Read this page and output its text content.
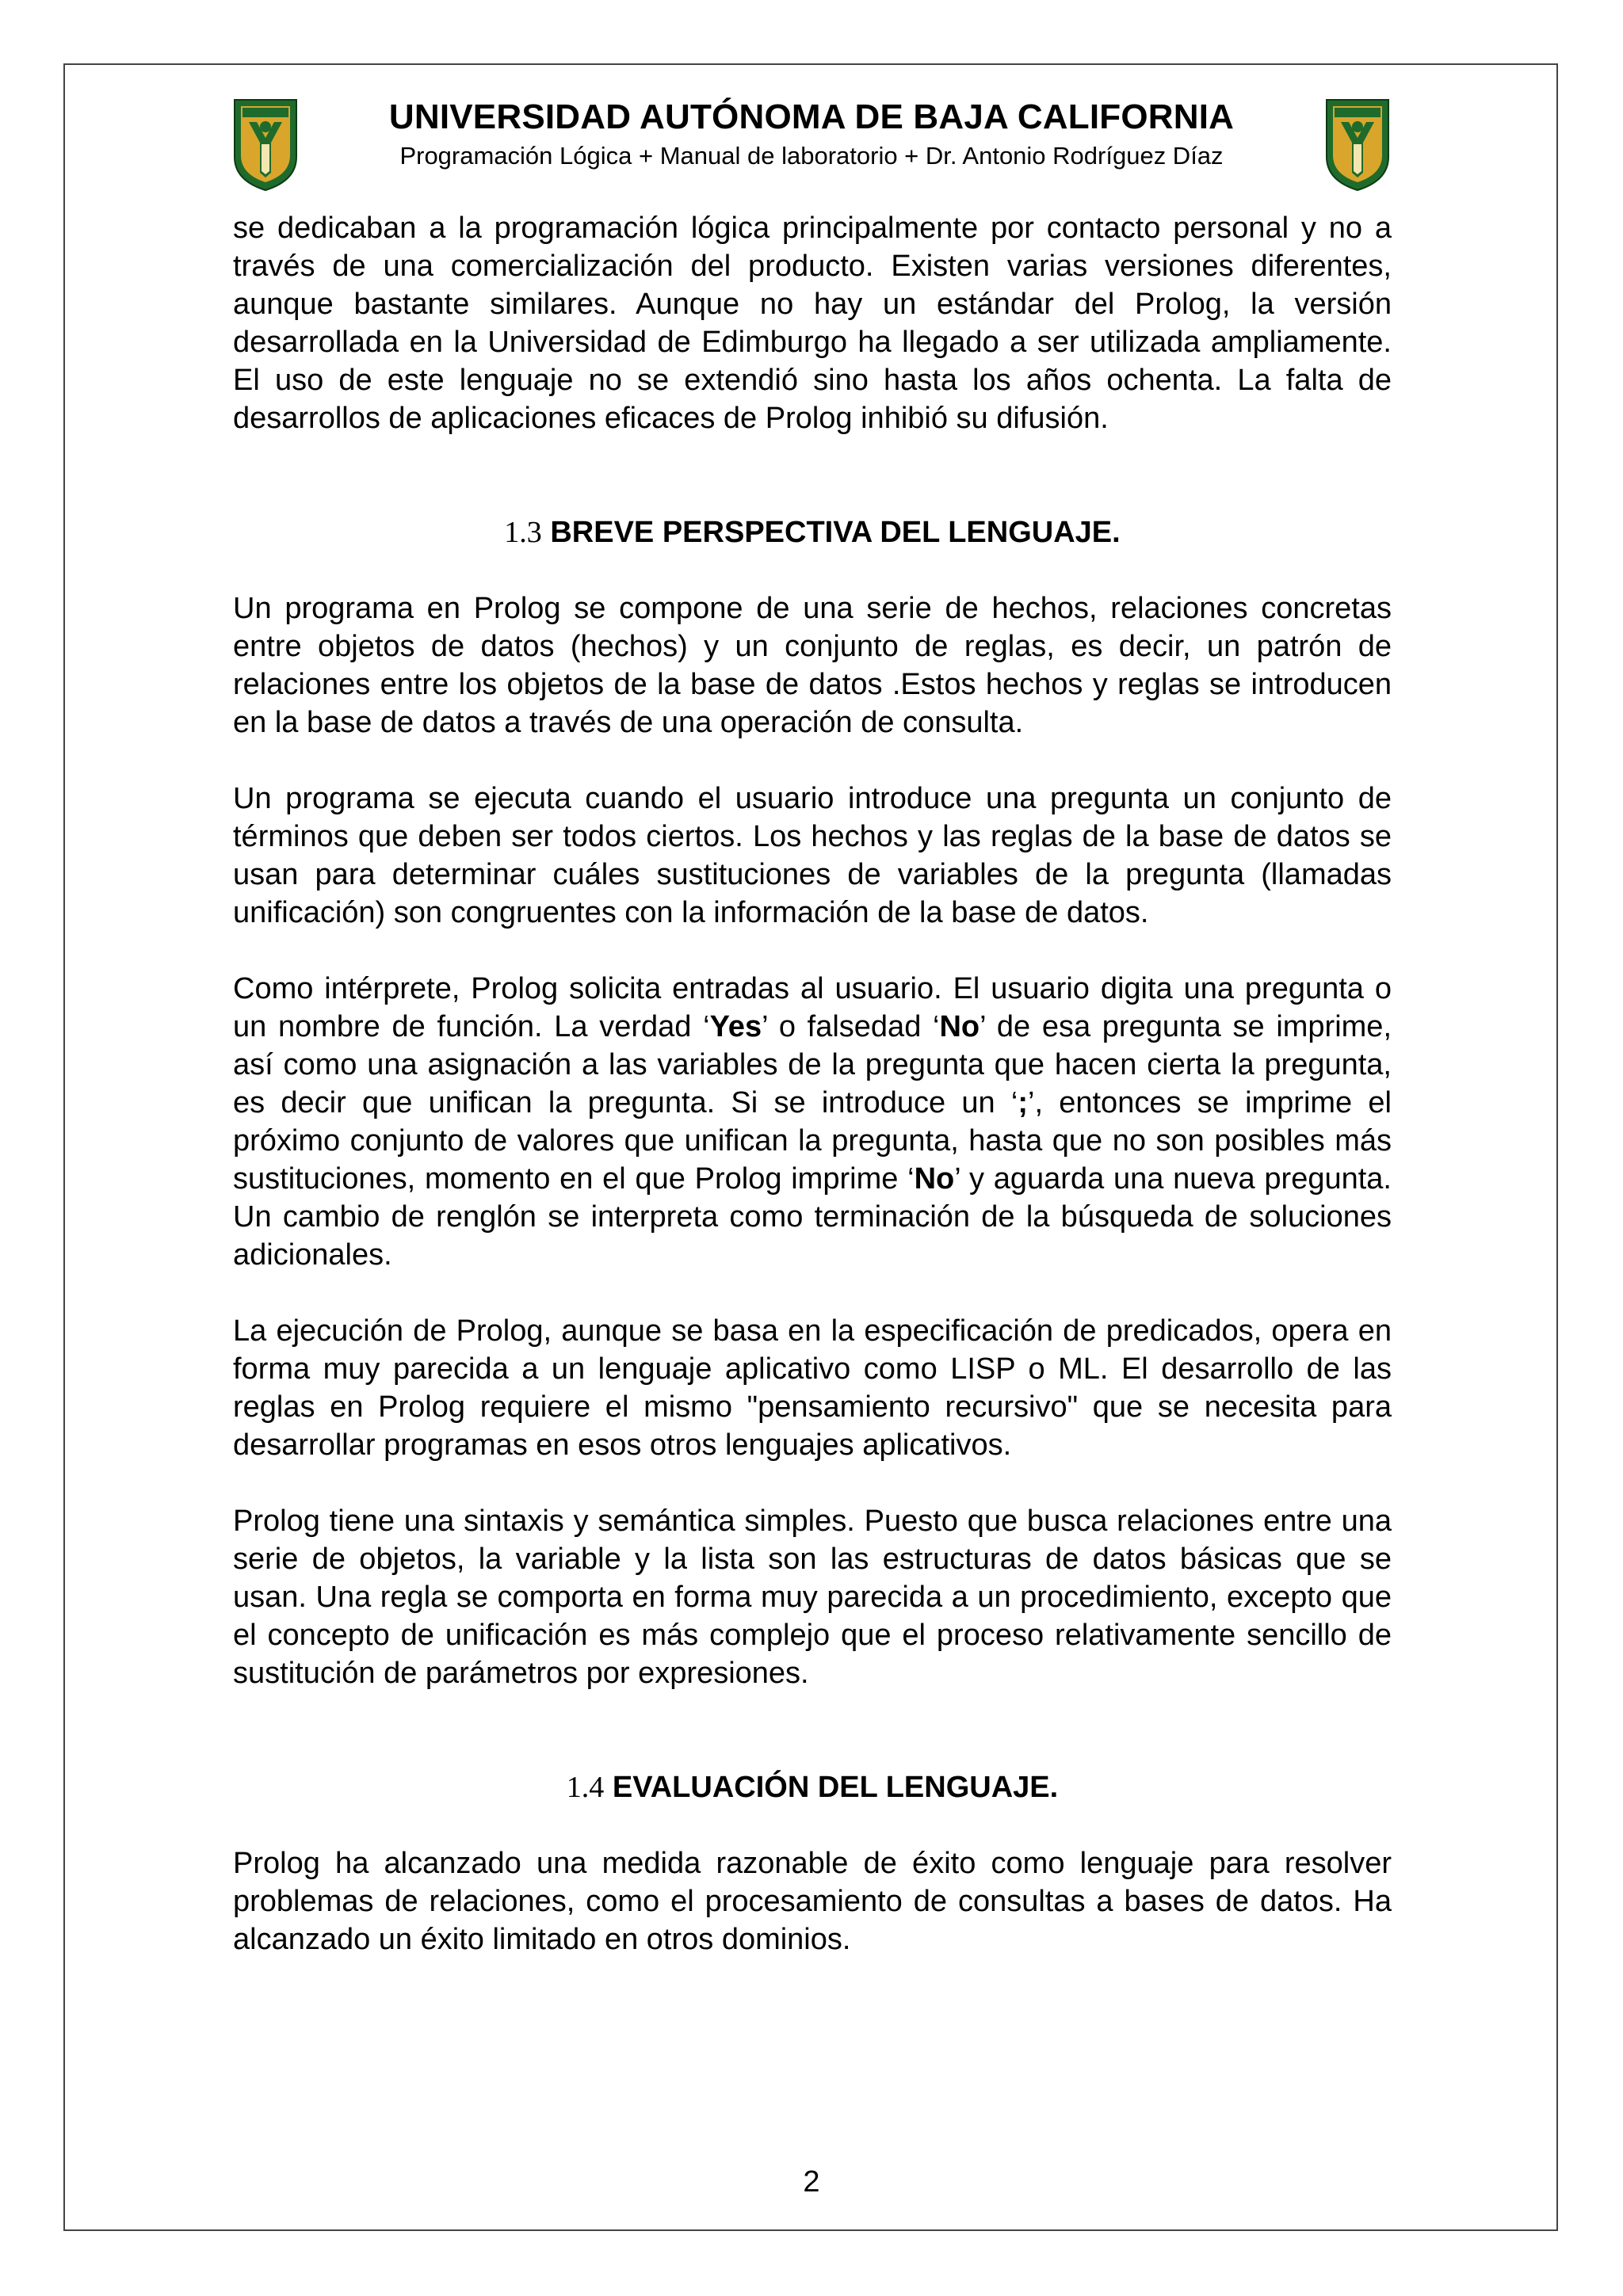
UNIVERSIDAD AUTÓNOMA DE BAJA CALIFORNIA
Programación Lógica + Manual de laboratorio + Dr. Antonio Rodríguez Díaz

se dedicaban a la programación lógica principalmente por contacto personal y no a través de una comercialización del producto. Existen varias versiones diferentes, aunque bastante similares. Aunque no hay un estándar del Prolog, la versión desarrollada en la Universidad de Edimburgo ha llegado a ser utilizada ampliamente. El uso de este lenguaje no se extendió sino hasta los años ochenta. La falta de desarrollos de aplicaciones eficaces de Prolog inhibió su difusión.

1.3 BREVE PERSPECTIVA DEL LENGUAJE.

Un programa en Prolog se compone de una serie de hechos, relaciones concretas entre objetos de datos (hechos) y un conjunto de reglas, es decir, un patrón de relaciones entre los objetos de la base de datos .Estos hechos y reglas se introducen en la base de datos a través de una operación de consulta.

Un programa se ejecuta cuando el usuario introduce una pregunta un conjunto de términos que deben ser todos ciertos. Los hechos y las reglas de la base de datos se usan para determinar cuáles sustituciones de variables de la pregunta (llamadas unificación) son congruentes con la información de la base de datos.

Como intérprete, Prolog solicita entradas al usuario. El usuario digita una pregunta o un nombre de función. La verdad ‘Yes’ o falsedad ‘No’ de esa pregunta se imprime, así como una asignación a las variables de la pregunta que hacen cierta la pregunta, es decir que unifican la pregunta. Si se introduce un ‘;’, entonces se imprime el próximo conjunto de valores que unifican la pregunta, hasta que no son posibles más sustituciones, momento en el que Prolog imprime ‘No’ y aguarda una nueva pregunta. Un cambio de renglón se interpreta como terminación de la búsqueda de soluciones adicionales.

La ejecución de Prolog, aunque se basa en la especificación de predicados, opera en forma muy parecida a un lenguaje aplicativo como LISP o ML. El desarrollo de las reglas en Prolog requiere el mismo "pensamiento recursivo" que se necesita para desarrollar programas en esos otros lenguajes aplicativos.

Prolog tiene una sintaxis y semántica simples. Puesto que busca relaciones entre una serie de objetos, la variable y la lista son las estructuras de datos básicas que se usan. Una regla se comporta en forma muy parecida a un procedimiento, excepto que el concepto de unificación es más complejo que el proceso relativamente sencillo de sustitución de parámetros por expresiones.

1.4 EVALUACIÓN DEL LENGUAJE.

Prolog ha alcanzado una medida razonable de éxito como lenguaje para resolver problemas de relaciones, como el procesamiento de consultas a bases de datos. Ha alcanzado un éxito limitado en otros dominios.

2
